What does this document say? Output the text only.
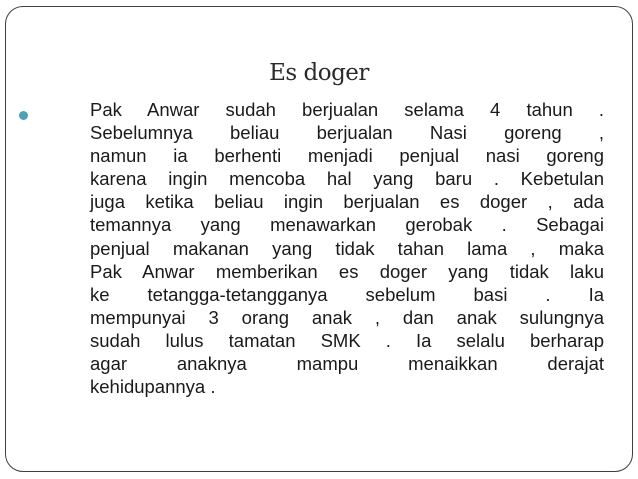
Es doger
Pak Anwar sudah berjualan selama 4 tahun .
Sebelumnya beliau berjualan Nasi goreng ,
namun ia berhenti menjadi penjual nasi goreng
karena ingin mencoba hal yang baru . Kebetulan
juga ketika beliau ingin berjualan es doger , ada
temannya yang menawarkan gerobak . Sebagai
penjual makanan yang tidak tahan lama , maka
Pak Anwar memberikan es doger yang tidak laku
ke tetangga-tetangganya sebelum basi . Ia
mempunyai 3 orang anak , dan anak sulungnya
sudah lulus tamatan SMK . Ia selalu berharap
agar anaknya mampu menaikkan derajat
kehidupannya .
